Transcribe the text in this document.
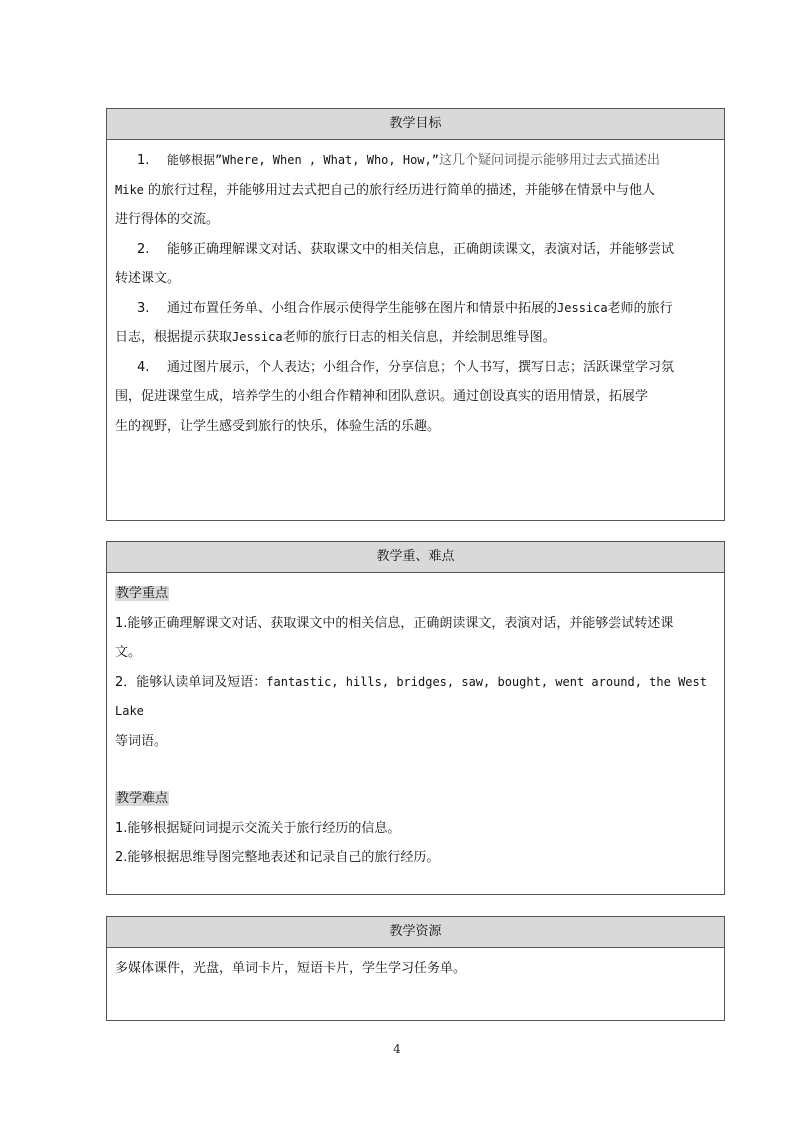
教学目标

1. 能够根据”Where, When , What, Who, How,”这几个疑问词提示能够用过去式描述出

Mike 的旅行过程，并能够用过去式把自己的旅行经历进行简单的描述，并能够在情景中与他人

进行得体的交流。

2. 能够正确理解课文对话、获取课文中的相关信息，正确朗读课文，表演对话，并能够尝试

转述课文。

3. 通过布置任务单、小组合作展示使得学生能够在图片和情景中拓展的Jessica老师的旅行

日志，根据提示获取Jessica老师的旅行日志的相关信息，并绘制思维导图。

4. 通过图片展示，个人表达；小组合作，分享信息；个人书写，撰写日志；活跃课堂学习氛

围，促进课堂生成，培养学生的小组合作精神和团队意识。通过创设真实的语用情景，拓展学

生的视野，让学生感受到旅行的快乐，体验生活的乐趣。

教学重、难点

教学重点

1.能够正确理解课文对话、获取课文中的相关信息，正确朗读课文，表演对话，并能够尝试转述课

文。

2．能够认读单词及短语：fantastic, hills, bridges, saw, bought, went around, the West Lake

等词语。

教学难点

1.能够根据疑问词提示交流关于旅行经历的信息。

2.能够根据思维导图完整地表述和记录自己的旅行经历。

教学资源

多媒体课件，光盘，单词卡片，短语卡片，学生学习任务单。

4
